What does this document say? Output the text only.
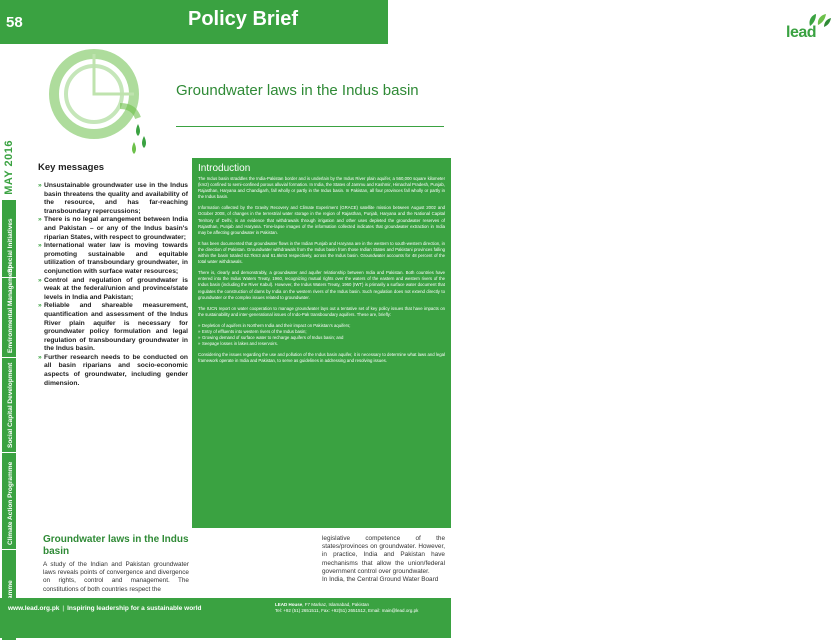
58	Policy Brief
lead
MAY 2016
Special Initiatives
Environmental Management
Social Capital Development
Climate Action Programme
Groundwater laws in the Indus basin
Key messages
» Unsustainable groundwater use in the Indus basin threatens the quality and availability of the resource, and has far-reaching transboundary repercussions;
» There is no legal arrangement between India and Pakistan – or any of the Indus basin's riparian States, with respect to groundwater;
» International water law is moving towards promoting sustainable and equitable utilization of transboundary groundwater, in conjunction with surface water resources;
» Control and regulation of groundwater is weak at the federal/union and province/state levels in India and Pakistan;
» Reliable and shareable measurement, quantification and assessment of the Indus River plain aquifer is necessary for groundwater policy formulation and legal regulation of transboundary groundwater in the Indus basin.
» Further research needs to be conducted on all basin riparians and socio-economic aspects of groundwater, including gender dimension.
Introduction

The Indus basin straddles the India-Pakistan border and is underlain by the Indus River plain aquifer, a 560,000 square kilometer (km2) confined to semi-confined porous alluvial formation. In India, the States of Jammu and Kashmir, Himachal Pradesh, Punjab, Rajasthan, Haryana and Chandigarh, fall wholly or partly in the Indus basin. In Pakistan, all four provinces fall wholly or partly in the Indus basin.

Information collected by the Gravity Recovery and Climate Experiment (GRACE) satellite mission between August 2002 and October 2008, of changes in the terrestrial water storage in the region of Rajasthan, Punjab, Haryana and the National Capital Territory of Delhi, is an evidence that withdrawals through irrigation and other uses depleted the groundwater reserves of Rajasthan, Punjab and Haryana. Time-lapse images of the information collected indicates that groundwater extraction in India may be affecting groundwater in Pakistan.

It has been documented that groundwater flows in the Indian Punjab and Haryana are in the western to south-western direction, in the direction of Pakistan. Groundwater withdrawals from the Indus basin from those Indian States and Pakistani provinces falling within the basin totaled 62.7km3 and 61.6km3 respectively, across the Indus basin. Groundwater accounts for 48 percent of the total water withdrawals.

There is, clearly and demonstrably, a groundwater and aquifer relationship between India and Pakistan. Both countries have entered into the Indus Waters Treaty, 1960, recognizing mutual rights over the waters of the eastern and western rivers of the Indus basin (including the River Kabul). However, the Indus Waters Treaty, 1960 (IWT) is primarily a surface water document that regulates the construction of dams by India on the western rivers of the Indus basin. Such regulation does not extend directly to groundwater or the complex issues related to groundwater.

The IUCN report on water cooperation to manage groundwater lays out a tentative set of key policy issues that have impacts on the sustainability and inter-generational issues of Indo-Pak transboundary aquifers. These are, briefly:

» Depletion of aquifers in Northern India and their impact on Pakistan's aquifers;
» Entry of effluents into western rivers of the Indus basin;
» Growing demand of surface water to recharge aquifers of Indus basin; and
» Seepage losses in lakes and reservoirs.

Considering the issues regarding the use and pollution of the Indus basin aquifer, it is necessary to determine what laws and legal framework operate in India and Pakistan, to serve as guidelines in addressing and resolving issues.

Groundwater laws in the Indus basin

A study of the Indian and Pakistan groundwater laws reveals points of convergence and divergence on rights, control and management. The constitutions of both countries respect the

legislative competence of the states/provinces on groundwater. However, in practice, India and Pakistan have mechanisms that allow the union/federal government control over groundwater.

In India, the Central Ground Water Board

www.lead.org.pk | Inspiring leadership for a sustainable world
LEAD House, F7 Markaz, Islamabad, Pakistan
Tel: +92 (51) 2651511, Fax: +92(51) 2651512, Email: main@lead.org.pk
